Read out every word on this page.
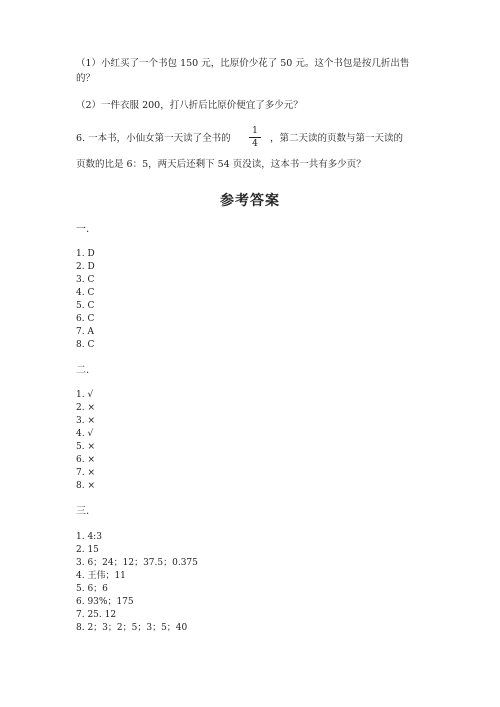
（1）小红买了一个书包 150 元，比原价少花了 50 元。这个书包是按几折出售
的？
（2）一件衣服 200，打八折后比原价便宜了多少元？
6. 一本书，小仙女第一天读了全书的
1
4	，第二天读的页数与第一天读的
页数的比是 6：5，两天后还剩下 54 页没读，这本书一共有多少页？
参考答案
一.
1. D
2. D
3. C
4. C
5. C
6. C
7. A
8. C
二.
1. √
2. ×
3. ×
4. √
5. ×
6. ×
7. ×
8. ×
三.
1. 4:3
2. 15
3. 6；24；12；37.5；0.375
4. 王伟；11
5. 6；6
6. 93%；175
7. 25. 12
8. 2；3；2；5；3；5；40
